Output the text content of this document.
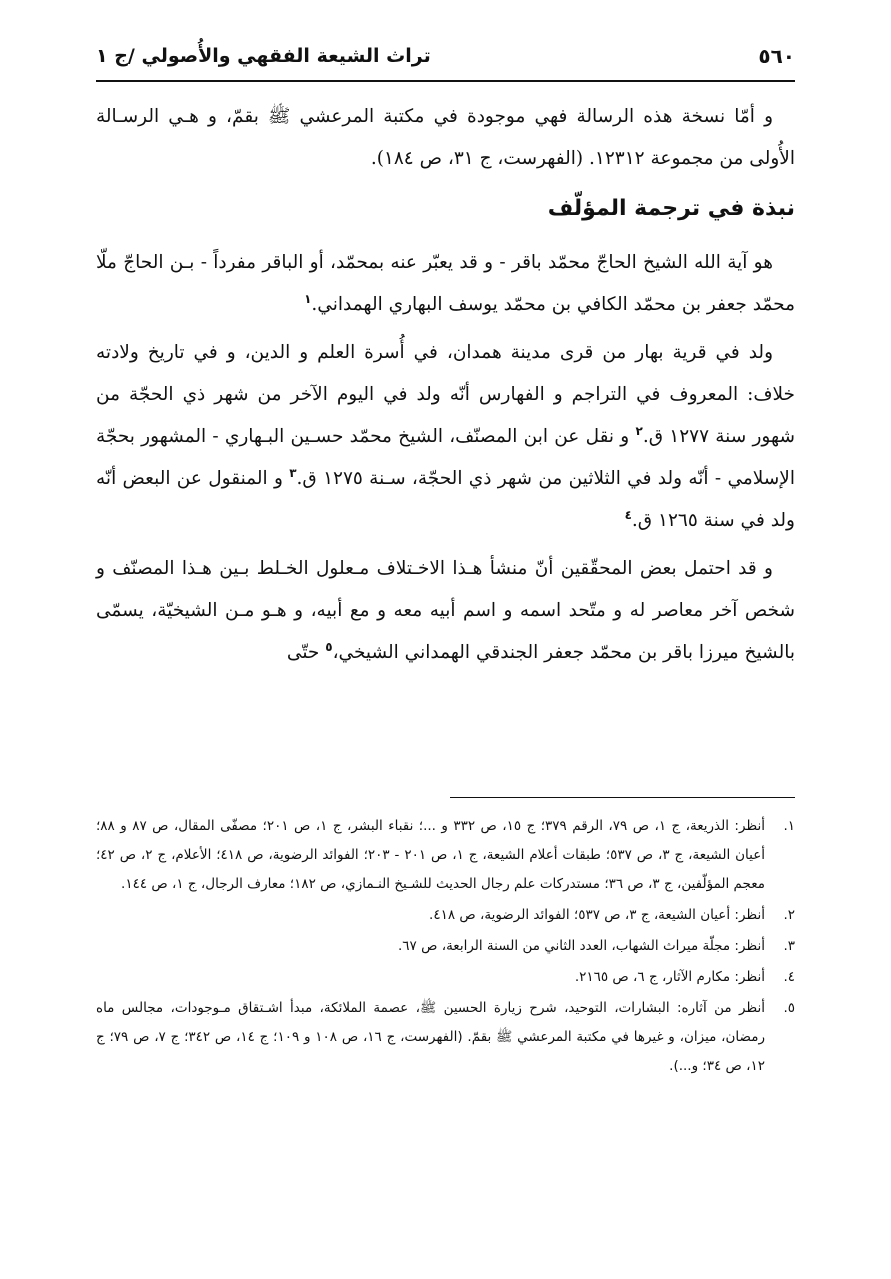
٥٦٠
تراث الشيعة الفقهي والأُصولي /ج ١

و أمّا نسخة هذه الرسالة فهي موجودة في مكتبة المرعشي ﷺ بقمّ، و هـي الرسـالة الأُولى من مجموعة ١٢٣١٢. (الفهرست، ج ٣١، ص ١٨٤).

نبذة في ترجمة المؤلّف

هو آية الله الشيخ الحاجّ محمّد باقر - و قد يعبّر عنه بمحمّد، أو الباقر مفرداً - بـن الحاجّ ملّا محمّد جعفر بن محمّد الكافي بن محمّد يوسف البهاري الهمداني.$^١$

ولد في قرية بهار من قرى مدينة همدان، في أُسرة العلم و الدين، و في تاريخ ولادته خلاف: المعروف في التراجم و الفهارس أنّه ولد في اليوم الآخر من شهر ذي الحجّة من شهور سنة ١٢٧٧ ق.$^٢$ و نقل عن ابن المصنّف، الشيخ محمّد حسـين البـهاري - المشهور بحجّة الإسلامي - أنّه ولد في الثلاثين من شهر ذي الحجّة، سـنة ١٢٧٥ ق.$^٣$ و المنقول عن البعض أنّه ولد في سنة ١٢٦٥ ق.$^٤$

و قد احتمل بعض المحقّقين أنّ منشأ هـذا الاخـتلاف مـعلول الخـلط بـين هـذا المصنّف و شخص آخر معاصر له و متّحد اسمه و اسم أبيه معه و مع أبيه، و هـو مـن الشيخيّة، يسمّى بالشيخ ميرزا باقر بن محمّد جعفر الجندقي الهمداني الشيخي،$^٥$ حتّى

١.
أنظر: الذريعة، ج ١، ص ٧٩، الرقم ٣٧٩؛ ج ١٥، ص ٣٣٢ و ...؛ نقباء البشر، ج ١، ص ٢٠١؛ مصفّى المقال، ص ٨٧ و ٨٨؛ أعيان الشيعة، ج ٣، ص ٥٣٧؛ طبقات أعلام الشيعة، ج ١، ص ٢٠١ - ٢٠٣؛ الفوائد الرضوية، ص ٤١٨؛ الأعلام، ج ٢، ص ٤٢؛ معجم المؤلّفين، ج ٣، ص ٣٦؛ مستدركات علم رجال الحديث للشـيخ النـمازي، ص ١٨٢؛ معارف الرجال، ج ١، ص ١٤٤.
٢.
أنظر: أعيان الشيعة، ج ٣، ص ٥٣٧؛ الفوائد الرضوية، ص ٤١٨.
٣.
أنظر: مجلّة ميراث الشهاب، العدد الثاني من السنة الرابعة، ص ٦٧.
٤.
أنظر: مكارم الآثار، ج ٦، ص ٢١٦٥.
٥.
أنظر من آثاره: البشارات، التوحيد، شرح زيارة الحسين ﷺ، عصمة الملائكة، مبدأ اشـتقاق مـوجودات، مجالس ماه رمضان، ميزان، و غيرها في مكتبة المرعشي ﷺ بقمّ. (الفهرست، ج ١٦، ص ١٠٨ و ١٠٩؛ ج ١٤، ص ٣٤٢؛ ج ٧، ص ٧٩؛ ج ١٢، ص ٣٤؛ و...).
